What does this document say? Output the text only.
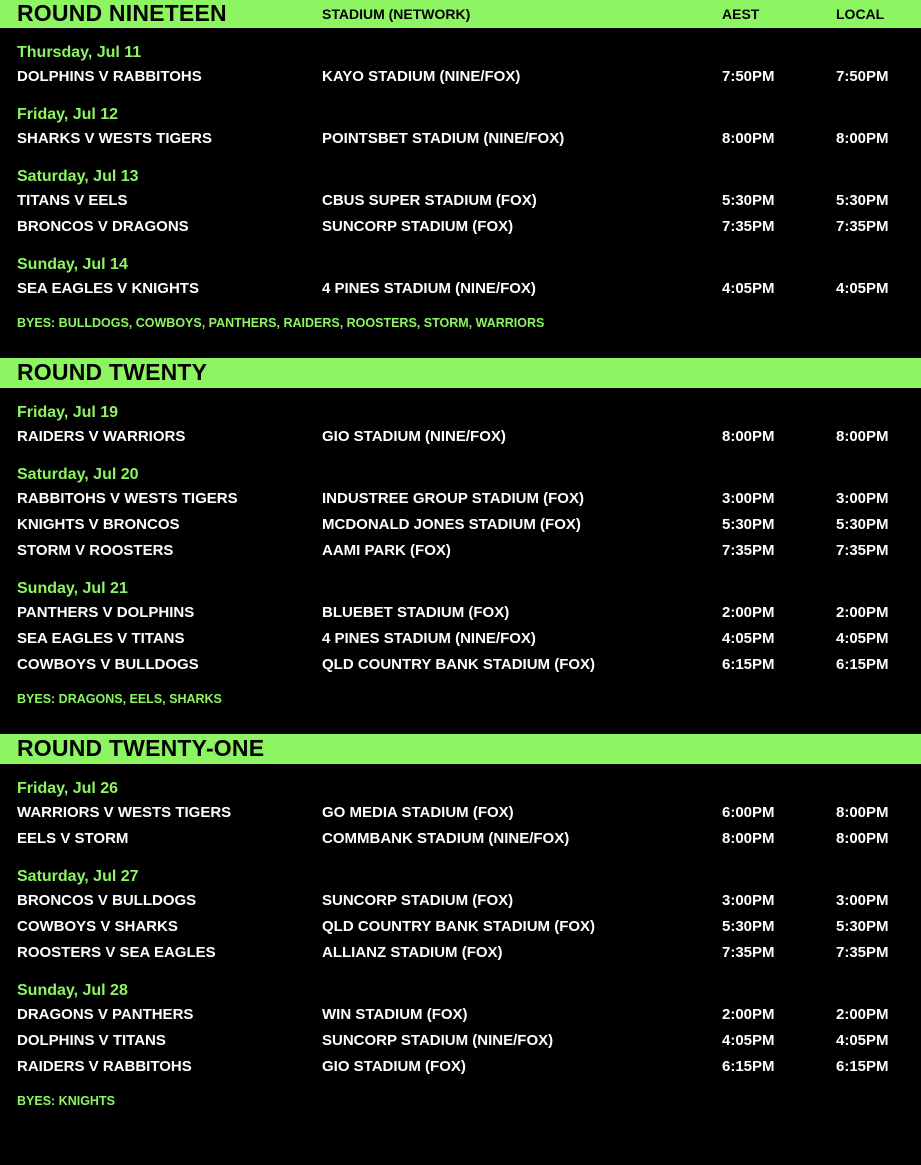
ROUND NINETEEN	STADIUM (NETWORK)	AEST	LOCAL
Thursday, Jul 11
DOLPHINS V RABBITOHS	KAYO STADIUM (NINE/FOX)	7:50PM	7:50PM
Friday, Jul 12
SHARKS V WESTS TIGERS	POINTSBET STADIUM (NINE/FOX)	8:00PM	8:00PM
Saturday, Jul 13
TITANS V EELS	CBUS SUPER STADIUM (FOX)	5:30PM	5:30PM
BRONCOS V DRAGONS	SUNCORP STADIUM (FOX)	7:35PM	7:35PM
Sunday, Jul 14
SEA EAGLES V KNIGHTS	4 PINES STADIUM (NINE/FOX)	4:05PM	4:05PM
BYES: BULLDOGS, COWBOYS, PANTHERS, RAIDERS, ROOSTERS, STORM, WARRIORS
ROUND TWENTY
Friday, Jul 19
RAIDERS V WARRIORS	GIO STADIUM (NINE/FOX)	8:00PM	8:00PM
Saturday, Jul 20
RABBITOHS V WESTS TIGERS	INDUSTREE GROUP STADIUM (FOX)	3:00PM	3:00PM
KNIGHTS V BRONCOS	MCDONALD JONES STADIUM (FOX)	5:30PM	5:30PM
STORM V ROOSTERS	AAMI PARK (FOX)	7:35PM	7:35PM
Sunday, Jul 21
PANTHERS V DOLPHINS	BLUEBET STADIUM (FOX)	2:00PM	2:00PM
SEA EAGLES V TITANS	4 PINES STADIUM (NINE/FOX)	4:05PM	4:05PM
COWBOYS V BULLDOGS	QLD COUNTRY BANK STADIUM (FOX)	6:15PM	6:15PM
BYES: DRAGONS, EELS, SHARKS
ROUND TWENTY-ONE
Friday, Jul 26
WARRIORS V WESTS TIGERS	GO MEDIA STADIUM (FOX)	6:00PM	8:00PM
EELS V STORM	COMMBANK STADIUM (NINE/FOX)	8:00PM	8:00PM
Saturday, Jul 27
BRONCOS V BULLDOGS	SUNCORP STADIUM (FOX)	3:00PM	3:00PM
COWBOYS V SHARKS	QLD COUNTRY BANK STADIUM (FOX)	5:30PM	5:30PM
ROOSTERS V SEA EAGLES	ALLIANZ STADIUM (FOX)	7:35PM	7:35PM
Sunday, Jul 28
DRAGONS V PANTHERS	WIN STADIUM (FOX)	2:00PM	2:00PM
DOLPHINS V TITANS	SUNCORP STADIUM (NINE/FOX)	4:05PM	4:05PM
RAIDERS V RABBITOHS	GIO STADIUM (FOX)	6:15PM	6:15PM
BYES: KNIGHTS
